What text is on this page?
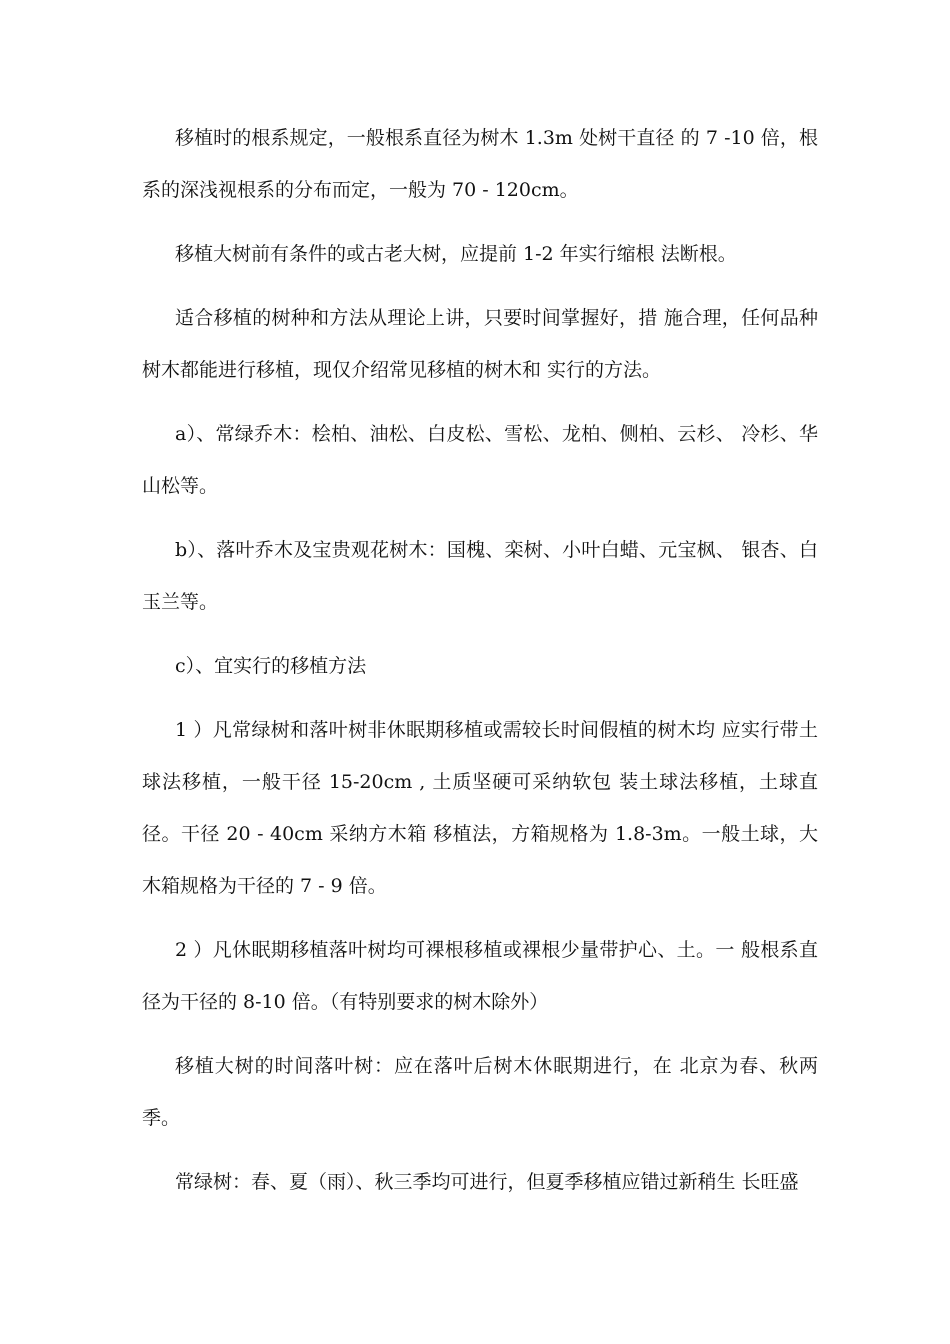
移植时的根系规定，一般根系直径为树木 1.3m 处树干直径 的 7 -10 倍，根系的深浅视根系的分布而定，一般为 70 - 120cm。

移植大树前有条件的或古老大树，应提前 1-2 年实行缩根 法断根。

适合移植的树种和方法从理论上讲，只要时间掌握好，措 施合理，任何品种树木都能进行移植，现仅介绍常见移植的树木和 实行的方法。

a）、常绿乔木：桧柏、油松、白皮松、雪松、龙柏、侧柏、云杉、 冷杉、华山松等。

b）、落叶乔木及宝贵观花树木：国槐、栾树、小叶白蜡、元宝枫、 银杏、白玉兰等。

c）、宜实行的移植方法

1 ）凡常绿树和落叶树非休眠期移植或需较长时间假植的树木均 应实行带土球法移植，一般干径 15-20cm , 土质坚硬可采纳软包 装土球法移植，土球直径。干径 20 - 40cm 采纳方木箱 移植法，方箱规格为 1.8-3m。一般土球，大木箱规格为干径的 7 - 9 倍。

2 ）凡休眠期移植落叶树均可裸根移植或裸根少量带护心、土。一 般根系直径为干径的 8-10 倍。（有特别要求的树木除外）

移植大树的时间落叶树：应在落叶后树木休眠期进行，在 北京为春、秋两季。

常绿树：春、夏（雨）、秋三季均可进行，但夏季移植应错过新稍生 长旺盛
